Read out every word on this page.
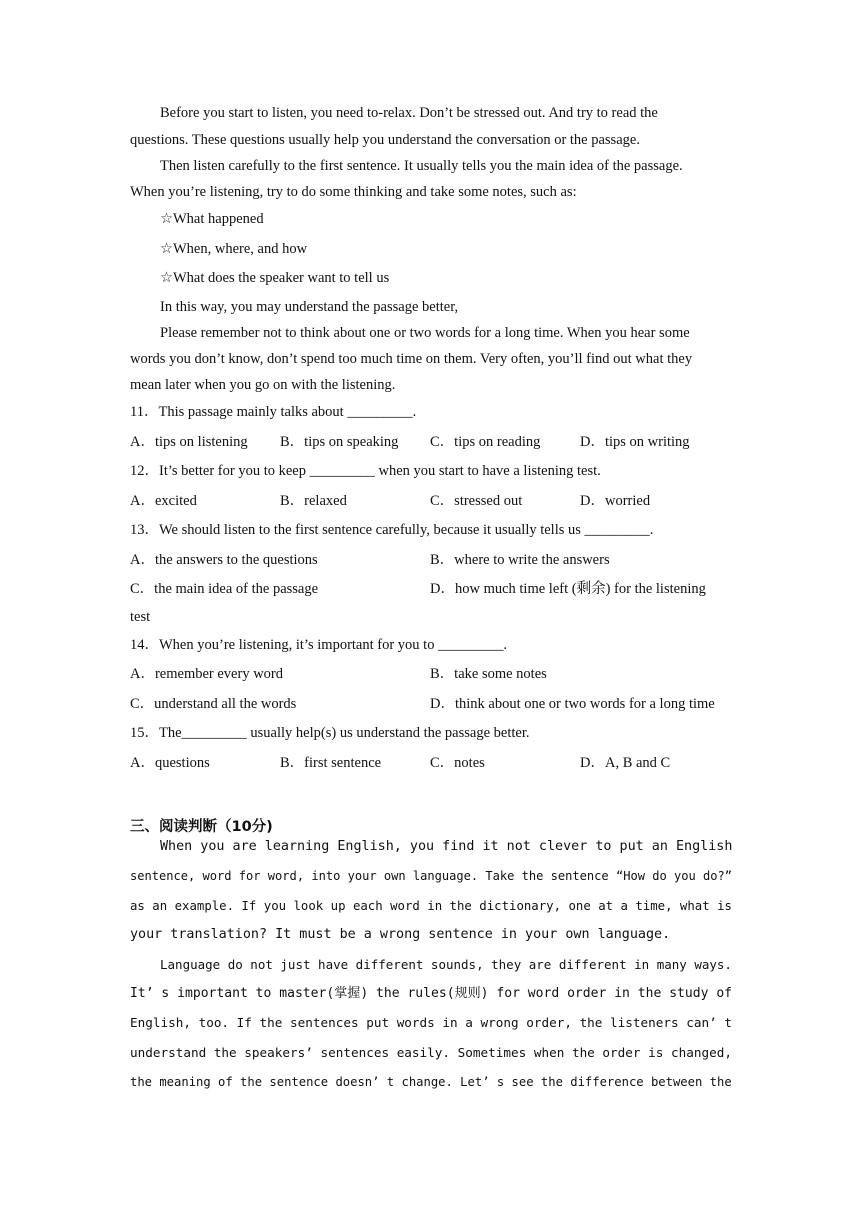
Before you start to listen, you need to-relax. Don’t be stressed out. And try to read the
questions. These questions usually help you understand the conversation or the passage.
Then listen carefully to the first sentence. It usually tells you the main idea of the passage.
When you’re listening, try to do some thinking and take some notes, such as:
☆What happened
☆When, where, and how
☆What does the speaker want to tell us
In this way, you may understand the passage better,
Please remember not to think about one or two words for a long time. When you hear some
words you don’t know, don’t spend too much time on them. Very often, you’ll find out what they
mean later when you go on with the listening.
11．This passage mainly talks about _________.
A．tips on listening B．tips on speaking C．tips on reading	D．tips on writing
12．It’s better for you to keep _________ when you start to have a listening test.
A．excited	B．relaxed	C．stressed out	D．worried
13．We should listen to the first sentence carefully, because it usually tells us _________.
A．the answers to the questions	B．where to write the answers
C．the main idea of the passage	D．how much time left (剩余) for the listening
test
14．When you’re listening, it’s important for you to _________.
A．remember every word	B．take some notes
C．understand all the words	D．think about one or two words for a long time
15．The_________ usually help(s) us understand the passage better.
A．questions	B．first sentence	C．notes	D．A, B and C
三、阅读判断（10分)
When you are learning English, you find it not clever to put an English
sentence, word for word, into your own language. Take the sentence “How do you do?”
as an example. If you look up each word in the dictionary, one at a time, what is
your translation? It must be a wrong sentence in your own language.
Language do not just have different sounds, they are different in many ways.
It’ s important to master(掌握) the rules(规则) for word order in the study of
English, too. If the sentences put words in a wrong order, the listeners can’ t
understand the speakers’ sentences easily. Sometimes when the order is changed,
the meaning of the sentence doesn’ t change. Let’ s see the difference between the
